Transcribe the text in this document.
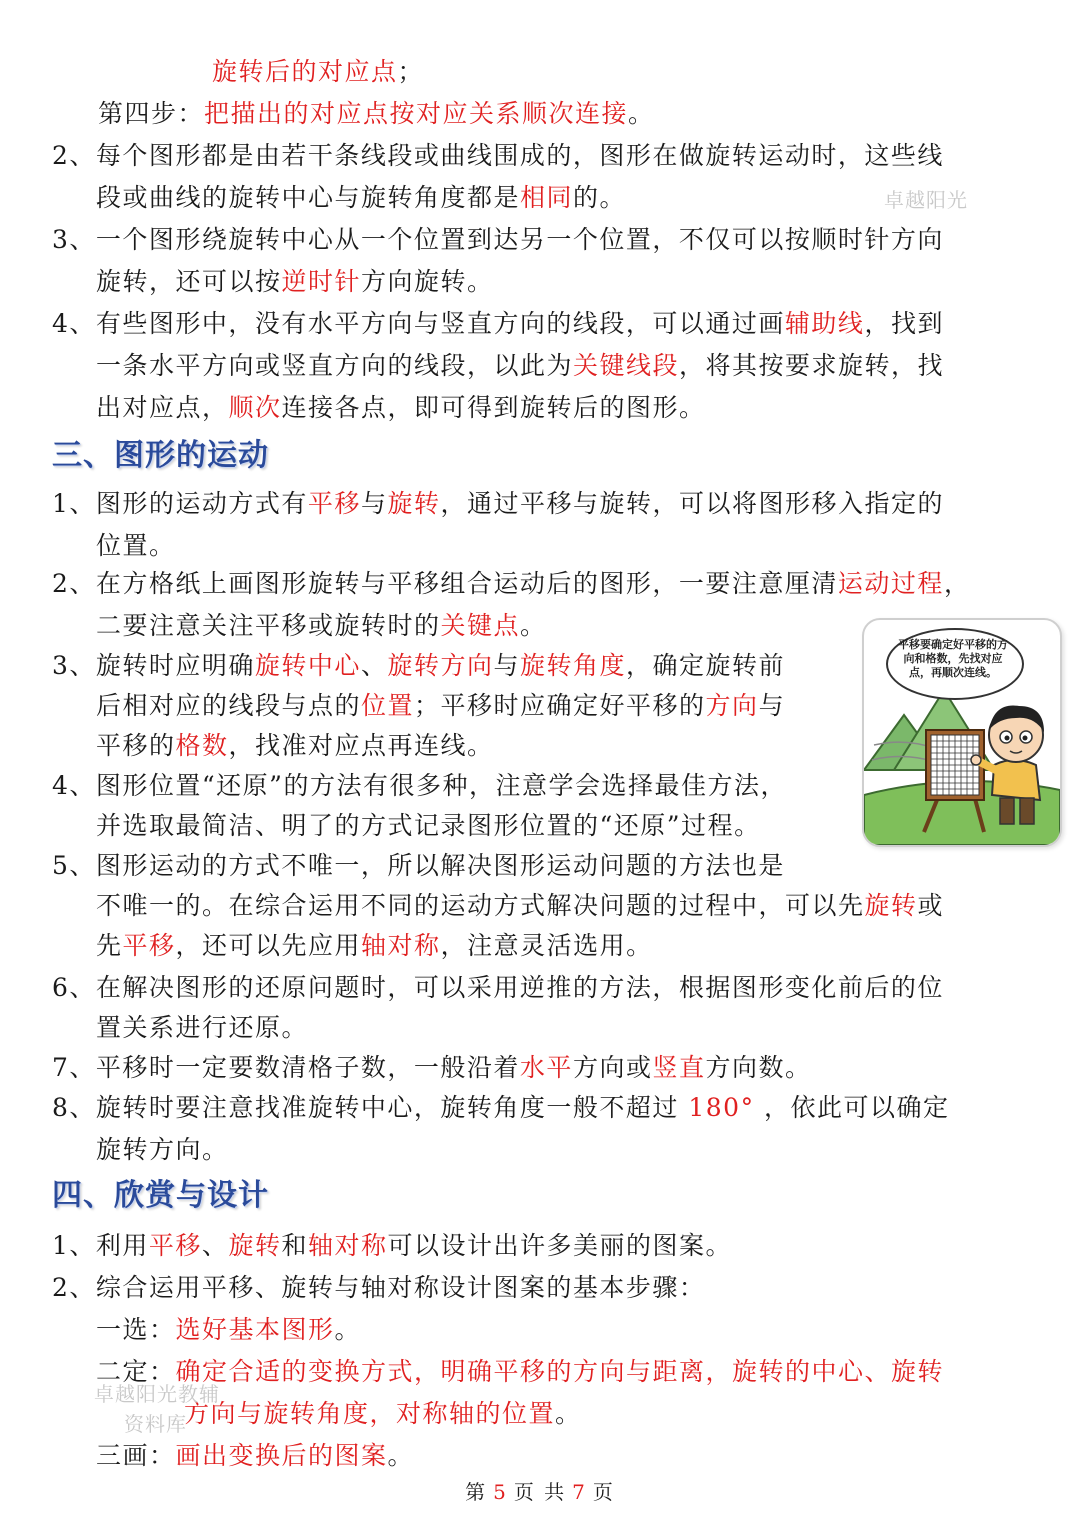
旋转后的对应点；
第四步：把描出的对应点按对应关系顺次连接。
2、每个图形都是由若干条线段或曲线围成的，图形在做旋转运动时，这些线
段或曲线的旋转中心与旋转角度都是相同的。
3、一个图形绕旋转中心从一个位置到达另一个位置，不仅可以按顺时针方向
旋转，还可以按逆时针方向旋转。
4、有些图形中，没有水平方向与竖直方向的线段，可以通过画辅助线，找到
一条水平方向或竖直方向的线段，以此为关键线段，将其按要求旋转，找
出对应点，顺次连接各点，即可得到旋转后的图形。
1、图形的运动方式有平移与旋转，通过平移与旋转，可以将图形移入指定的
位置。
2、在方格纸上画图形旋转与平移组合运动后的图形，一要注意厘清运动过程，
二要注意关注平移或旋转时的关键点。
3、旋转时应明确旋转中心、旋转方向与旋转角度，确定旋转前
后相对应的线段与点的位置；平移时应确定好平移的方向与
平移的格数，找准对应点再连线。
4、图形位置“还原”的方法有很多种，注意学会选择最佳方法，
并选取最简洁、明了的方式记录图形位置的“还原”过程。
5、图形运动的方式不唯一，所以解决图形运动问题的方法也是
不唯一的。在综合运用不同的运动方式解决问题的过程中，可以先旋转或
先平移，还可以先应用轴对称，注意灵活选用。
6、在解决图形的还原问题时，可以采用逆推的方法，根据图形变化前后的位
置关系进行还原。
7、平移时一定要数清格子数，一般沿着水平方向或竖直方向数。
8、旋转时要注意找准旋转中心，旋转角度一般不超过 180° ，依此可以确定
旋转方向。
1、利用平移、旋转和轴对称可以设计出许多美丽的图案。
2、综合运用平移、旋转与轴对称设计图案的基本步骤：
一选：选好基本图形。
二定：确定合适的变换方式，明确平移的方向与距离，旋转的中心、旋转
方向与旋转角度，对称轴的位置。
三画：画出变换后的图案。
三、图形的运动
四、欣赏与设计
卓越阳光
卓越阳光教辅
资料库
平移要确定好平移的方向和格数，先找对应点，再顺次连线。
第 5 页 共 7 页
